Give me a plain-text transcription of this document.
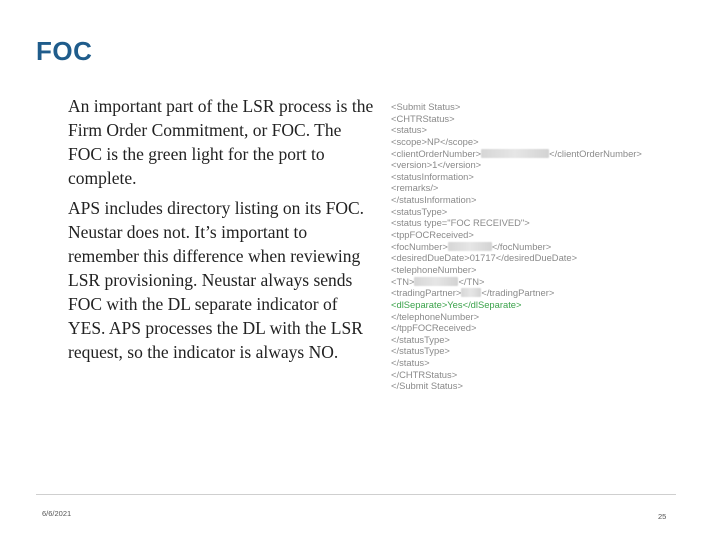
FOC

An important part of the LSR process is the Firm Order Commitment, or FOC. The FOC is the green light for the port to complete.

APS includes directory listing on its FOC. Neustar does not. It’s important to remember this difference when reviewing LSR provisioning. Neustar always sends FOC with the DL separate indicator of YES. APS processes the DL with the LSR request, so the indicator is always NO.

<Submit Status>
<CHTRStatus>
<status>
<scope>NP</scope>
<clientOrderNumber>	</clientOrderNumber>
<version>1</version>
<statusInformation>
<remarks/>
</statusInformation>
<statusType>
<status type="FOC RECEIVED">
<tppFOCReceived>
<focNumber>	</focNumber>
<desiredDueDate>01717</desiredDueDate>
<telephoneNumber>
<TN>	</TN>
<tradingPartner> </tradingPartner>
<dlSeparate>Yes</dlSeparate>
</telephoneNumber>
</tppFOCReceived>
</statusType>
</statusType>
</status>
</CHTRStatus>
</Submit Status>
6/6/2021	25
